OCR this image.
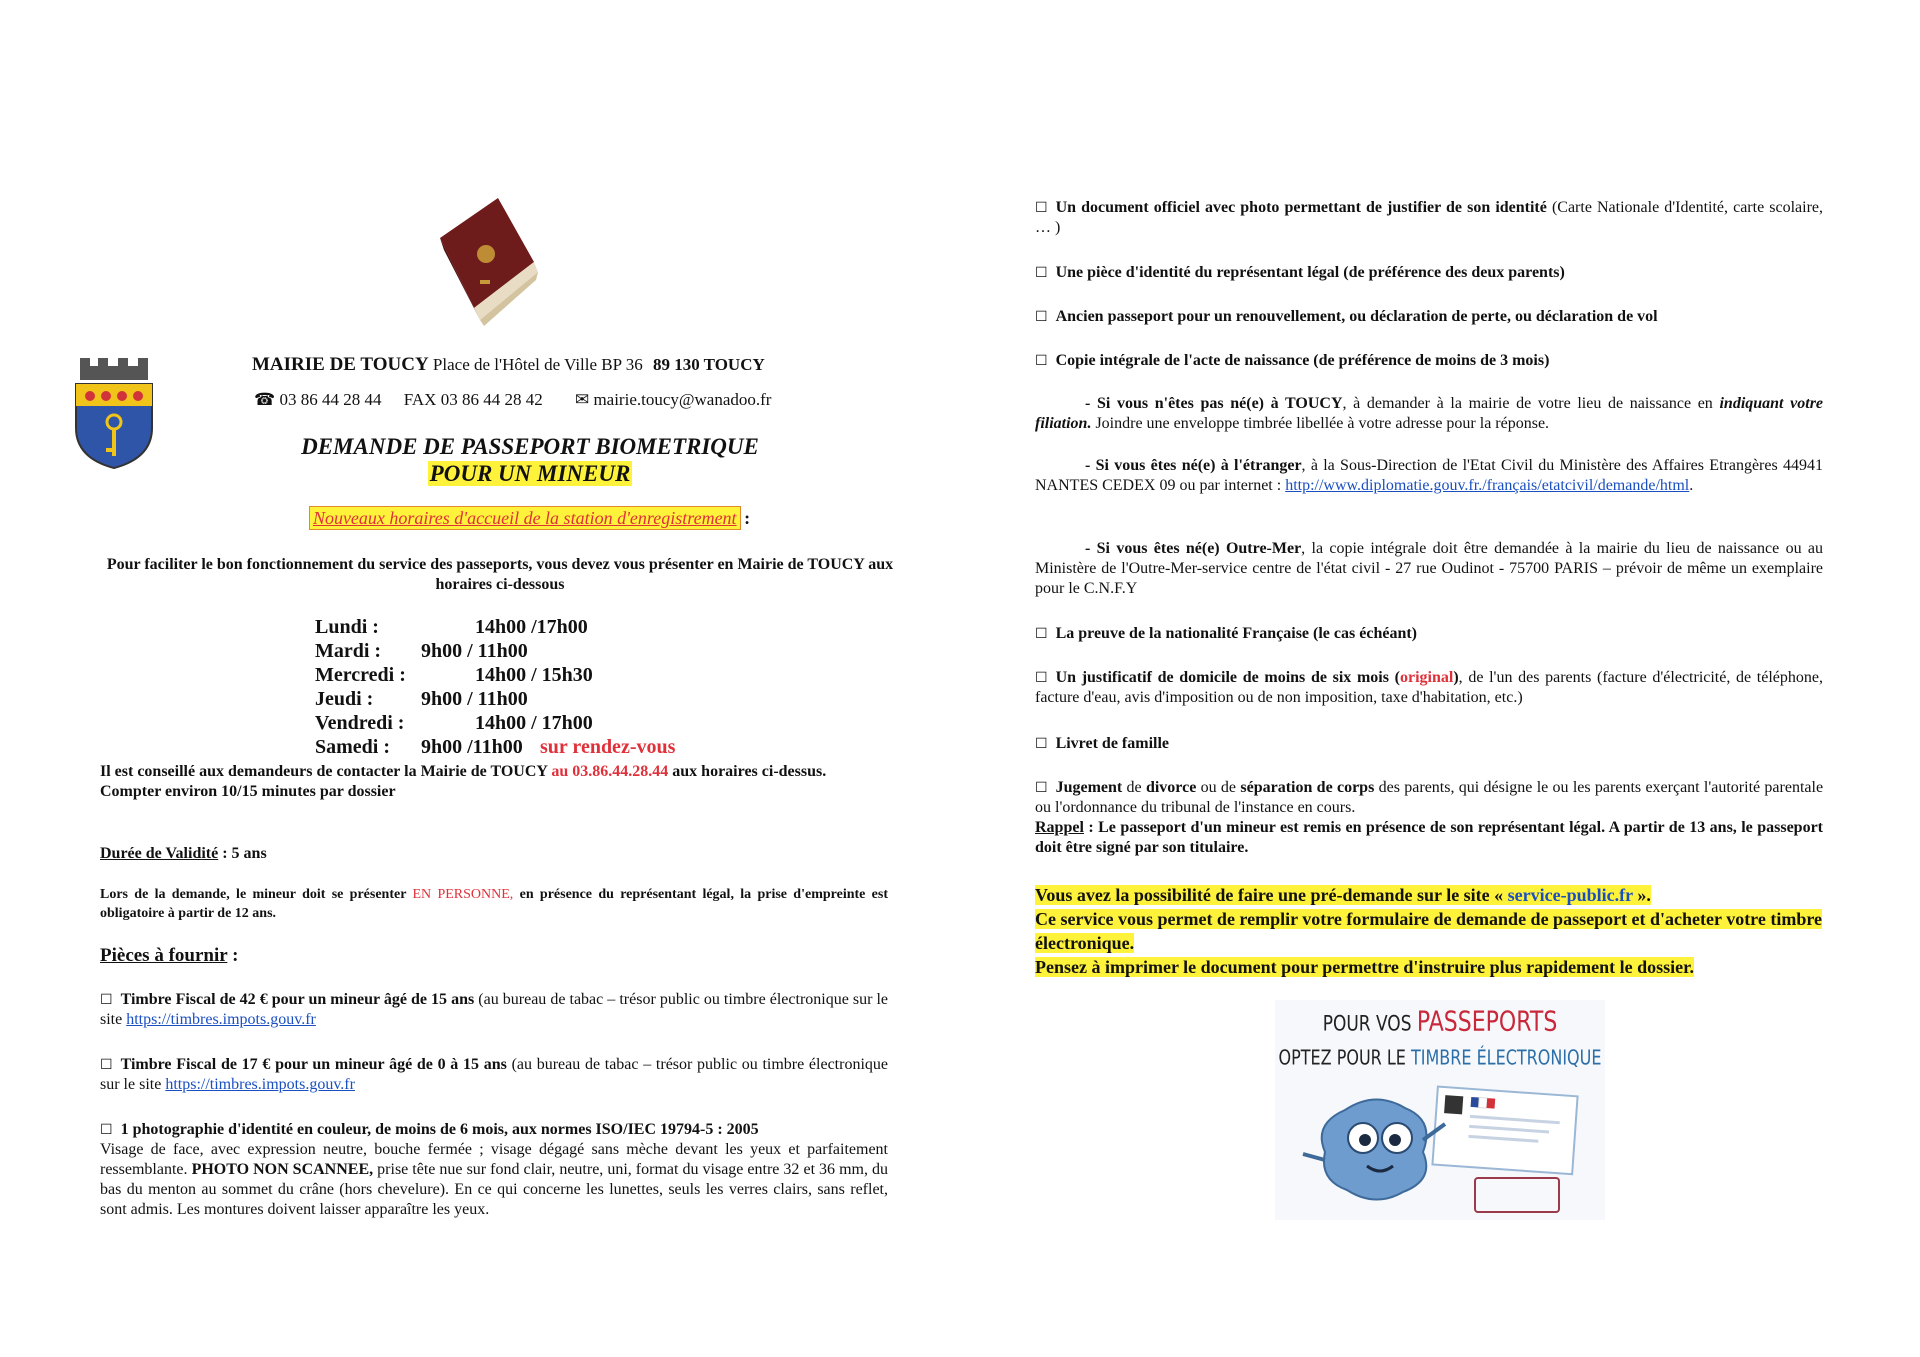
MAIRIE DE TOUCY Place de l'Hôtel de Ville BP 36 89 130 TOUCY
☎ 03 86 44 28 44 FAX 03 86 44 28 42 ✉ mairie.toucy@wanadoo.fr
DEMANDE DE PASSEPORT BIOMETRIQUE
POUR UN MINEUR
Nouveaux horaires d'accueil de la station d'enregistrement :
Pour faciliter le bon fonctionnement du service des passeports, vous devez vous présenter en Mairie de TOUCY aux horaires ci-dessous
Lundi :	14h00 /17h00
Mardi : 9h00 / 11h00
Mercredi :	14h00 / 15h30
Jeudi : 9h00 / 11h00
Vendredi :	14h00 / 17h00
Samedi : 9h00 /11h00 sur rendez-vous
Il est conseillé aux demandeurs de contacter la Mairie de TOUCY au 03.86.44.28.44 aux horaires ci-dessus.
Compter environ 10/15 minutes par dossier
Durée de Validité : 5 ans
Lors de la demande, le mineur doit se présenter EN PERSONNE, en présence du représentant légal, la prise d'empreinte est obligatoire à partir de 12 ans.
Pièces à fournir :
☐ Timbre Fiscal de 42 € pour un mineur âgé de 15 ans (au bureau de tabac – trésor public ou timbre électronique sur le site https://timbres.impots.gouv.fr
☐ Timbre Fiscal de 17 € pour un mineur âgé de 0 à 15 ans (au bureau de tabac – trésor public ou timbre électronique sur le site https://timbres.impots.gouv.fr
☐ 1 photographie d'identité en couleur, de moins de 6 mois, aux normes ISO/IEC 19794-5 : 2005
Visage de face, avec expression neutre, bouche fermée ; visage dégagé sans mèche devant les yeux et parfaitement ressemblante. PHOTO NON SCANNEE, prise tête nue sur fond clair, neutre, uni, format du visage entre 32 et 36 mm, du bas du menton au sommet du crâne (hors chevelure). En ce qui concerne les lunettes, seuls les verres clairs, sans reflet, sont admis. Les montures doivent laisser apparaître les yeux.
☐ Un document officiel avec photo permettant de justifier de son identité (Carte Nationale d'Identité, carte scolaire, … )
☐ Une pièce d'identité du représentant légal (de préférence des deux parents)
☐ Ancien passeport pour un renouvellement, ou déclaration de perte, ou déclaration de vol
☐ Copie intégrale de l'acte de naissance (de préférence de moins de 3 mois)
- Si vous n'êtes pas né(e) à TOUCY, à demander à la mairie de votre lieu de naissance en indiquant votre filiation. Joindre une enveloppe timbrée libellée à votre adresse pour la réponse.
- Si vous êtes né(e) à l'étranger, à la Sous-Direction de l'Etat Civil du Ministère des Affaires Etrangères 44941 NANTES CEDEX 09 ou par internet : http://www.diplomatie.gouv.fr./français/etatcivil/demande/html.
- Si vous êtes né(e) Outre-Mer, la copie intégrale doit être demandée à la mairie du lieu de naissance ou au Ministère de l'Outre-Mer-service centre de l'état civil - 27 rue Oudinot - 75700 PARIS – prévoir de même un exemplaire pour le C.N.F.Y
☐ La preuve de la nationalité Française (le cas échéant)
☐ Un justificatif de domicile de moins de six mois (original), de l'un des parents (facture d'électricité, de téléphone, facture d'eau, avis d'imposition ou de non imposition, taxe d'habitation, etc.)
☐ Livret de famille
☐ Jugement de divorce ou de séparation de corps des parents, qui désigne le ou les parents exerçant l'autorité parentale ou l'ordonnance du tribunal de l'instance en cours.
Rappel : Le passeport d'un mineur est remis en présence de son représentant légal. A partir de 13 ans, le passeport doit être signé par son titulaire.
Vous avez la possibilité de faire une pré-demande sur le site « service-public.fr ».
Ce service vous permet de remplir votre formulaire de demande de passeport et d'acheter votre timbre électronique.
Pensez à imprimer le document pour permettre d'instruire plus rapidement le dossier.
POUR VOS PASSEPORTS
OPTEZ POUR LE TIMBRE ÉLECTRONIQUE
